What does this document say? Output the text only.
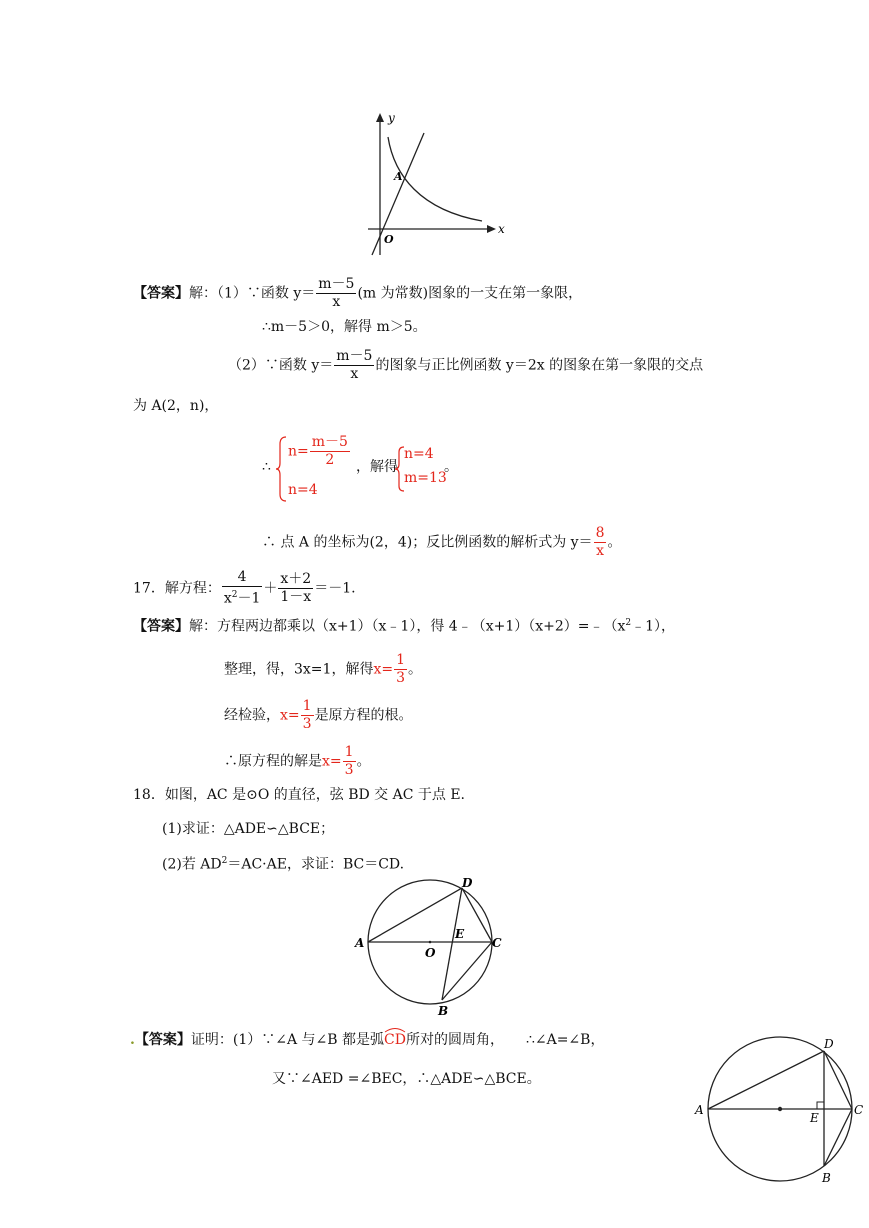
y
x
A
O
【答案】解：（1）∵函数 $y= \frac{m-5}{x} (m$ 为常数)图象的一支在第一象限，
∴m－5＞0，解得 m＞5。
（2）∵函数 $y= \frac{m-5}{x}$ 的图象与正比例函数 y＝2x 的图象在第一象限的交点
为 A(2，n)，
∴
$n= \frac{m-5}{2}$
n=4
，解得
n=4
m=13
。
∴ 点 A 的坐标为(2，4)；反比例函数的解析式为 $y= \frac{8}{x}$ 。
17．解方程： $\frac{4}{x^2-1} + \frac{x+2}{1-x} =-1$.
【答案】解：方程两边都乘以（x+1）（x﹣1），得 $4﹣(x+1)(x+2)=﹣(x^2﹣1)$，
整理，得，3x=1，解得$x= \frac{1}{3}$ 。
经检验，$x= \frac{1}{3}$ 是原方程的根。
∴原方程的解是$x= \frac{1}{3}$ 。
18．如图，AC 是⊙O 的直径，弦 BD 交 AC 于点 E.
(1)求证：△ADE∽△BCE；
(2)若 $AD^2=AC\cdot AE$，求证：BC＝CD.
A
D
C
E
O
B
.【答案】证明：(1）∵∠A 与∠B 都是弧
CD所对的圆周角， ∴∠A=∠B，
又∵∠AED =∠BEC，∴△ADE∽△BCE。
A
D
C
E
B
